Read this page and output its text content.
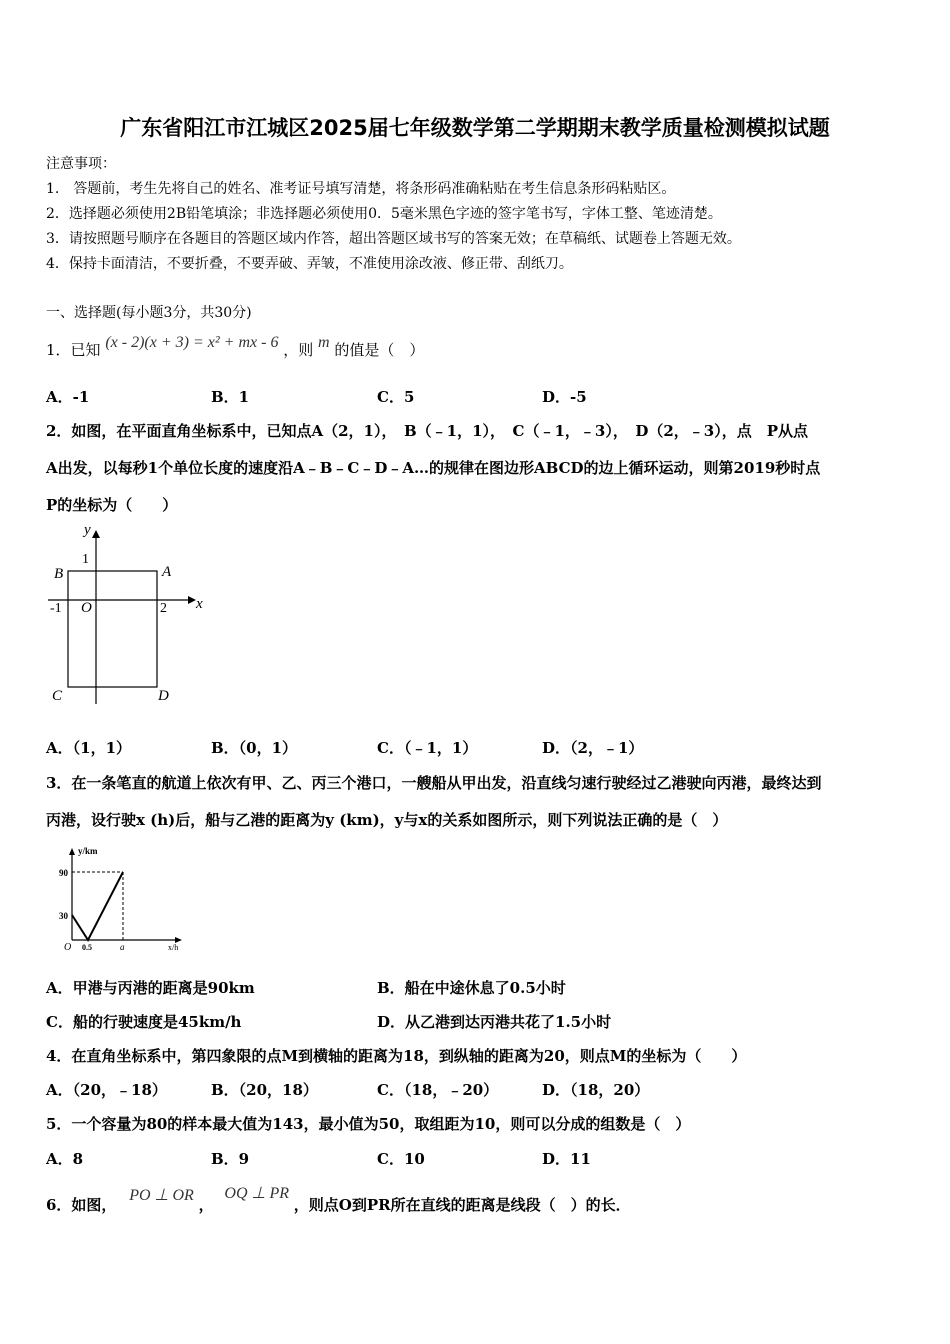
广东省阳江市江城区2025届七年级数学第二学期期末教学质量检测模拟试题
注意事项：
1.　答题前，考生先将自己的姓名、准考证号填写清楚，将条形码准确粘贴在考生信息条形码粘贴区。
2．选择题必须使用2B铅笔填涂；非选择题必须使用0．5毫米黑色字迹的签字笔书写，字体工整、笔迹清楚。
3．请按照题号顺序在各题目的答题区域内作答，超出答题区域书写的答案无效；在草稿纸、试题卷上答题无效。
4．保持卡面清洁，不要折叠，不要弄破、弄皱，不准使用涂改液、修正带、刮纸刀。
一、选择题(每小题3分，共30分)
1．已知 (x - 2)(x + 3) = x² + mx - 6 ，则 m 的值是（　）
A．-1	B．1	C．5	D．-5
2．如图，在平面直角坐标系中，已知点A（2，1），　B（﹣1，1），　C（﹣1，﹣3），　D（2，﹣3），点　P从点
A出发，以每秒1个单位长度的速度沿A﹣B﹣C﹣D﹣A…的规律在图边形ABCD的边上循环运动，则第2019秒时点
P的坐标为（　　）
x
y
O
1
-1	2
A
B
C	D
A．（1，1）	B．（0，1）	C．（﹣1，1）	D．（2，﹣1）
3．在一条笔直的航道上依次有甲、乙、丙三个港口，一艘船从甲出发，沿直线匀速行驶经过乙港驶向丙港，最终达到
丙港，设行驶x (h)后，船与乙港的距离为y (km)，y与x的关系如图所示，则下列说法正确的是（　）
y/km
x/h
90
30
O 0.5	a
A．甲港与丙港的距离是90km	B．船在中途休息了0.5小时
C．船的行驶速度是45km/h	D．从乙港到达丙港共花了1.5小时
4．在直角坐标系中，第四象限的点M到横轴的距离为18，到纵轴的距离为20，则点M的坐标为（　　）
A．（20，﹣18）	B．（20，18）	C．（18，﹣20）	D．（18，20）
5．一个容量为80的样本最大值为143，最小值为50，取组距为10，则可以分成的组数是（　）
A．8	B．9	C．10	D．11
6．如图， PO ⊥ OR ， OQ ⊥ PR ，则点O到PR所在直线的距离是线段（　）的长．
